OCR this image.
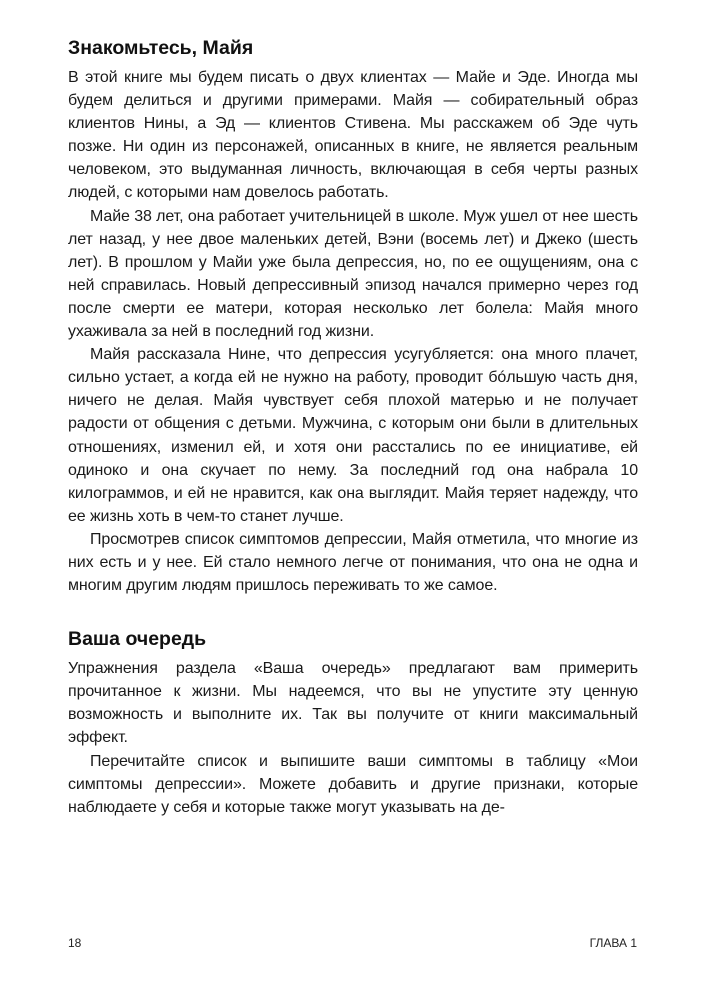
Знакомьтесь, Майя

В этой книге мы будем писать о двух клиентах — Майе и Эде. Иногда мы будем делиться и другими примерами. Майя — собирательный образ клиентов Нины, а Эд — клиентов Стивена. Мы расскажем об Эде чуть позже. Ни один из персонажей, описанных в книге, не является реальным человеком, это выдуманная личность, включающая в себя черты разных людей, с которыми нам довелось работать.

Майе 38 лет, она работает учительницей в школе. Муж ушел от нее шесть лет назад, у нее двое маленьких детей, Вэни (восемь лет) и Джеко (шесть лет). В прошлом у Майи уже была депрессия, но, по ее ощущениям, она с ней справилась. Новый депрессивный эпизод начался примерно через год после смерти ее матери, которая несколько лет болела: Майя много ухаживала за ней в последний год жизни.

Майя рассказала Нине, что депрессия усугубляется: она много плачет, сильно устает, а когда ей не нужно на работу, проводит бóльшую часть дня, ничего не делая. Майя чувствует себя плохой матерью и не получает радости от общения с детьми. Мужчина, с которым они были в длительных отношениях, изменил ей, и хотя они расстались по ее инициативе, ей одиноко и она скучает по нему. За последний год она набрала 10 килограммов, и ей не нравится, как она выглядит. Майя теряет надежду, что ее жизнь хоть в чем-то станет лучше.

Просмотрев список симптомов депрессии, Майя отметила, что многие из них есть и у нее. Ей стало немного легче от понимания, что она не одна и многим другим людям пришлось переживать то же самое.

Ваша очередь

Упражнения раздела «Ваша очередь» предлагают вам примерить прочитанное к жизни. Мы надеемся, что вы не упустите эту ценную возможность и выполните их. Так вы получите от книги максимальный эффект.

Перечитайте список и выпишите ваши симптомы в таблицу «Мои симптомы депрессии». Можете добавить и другие признаки, которые наблюдаете у себя и которые также могут указывать на де-

18	ГЛАВА 1
